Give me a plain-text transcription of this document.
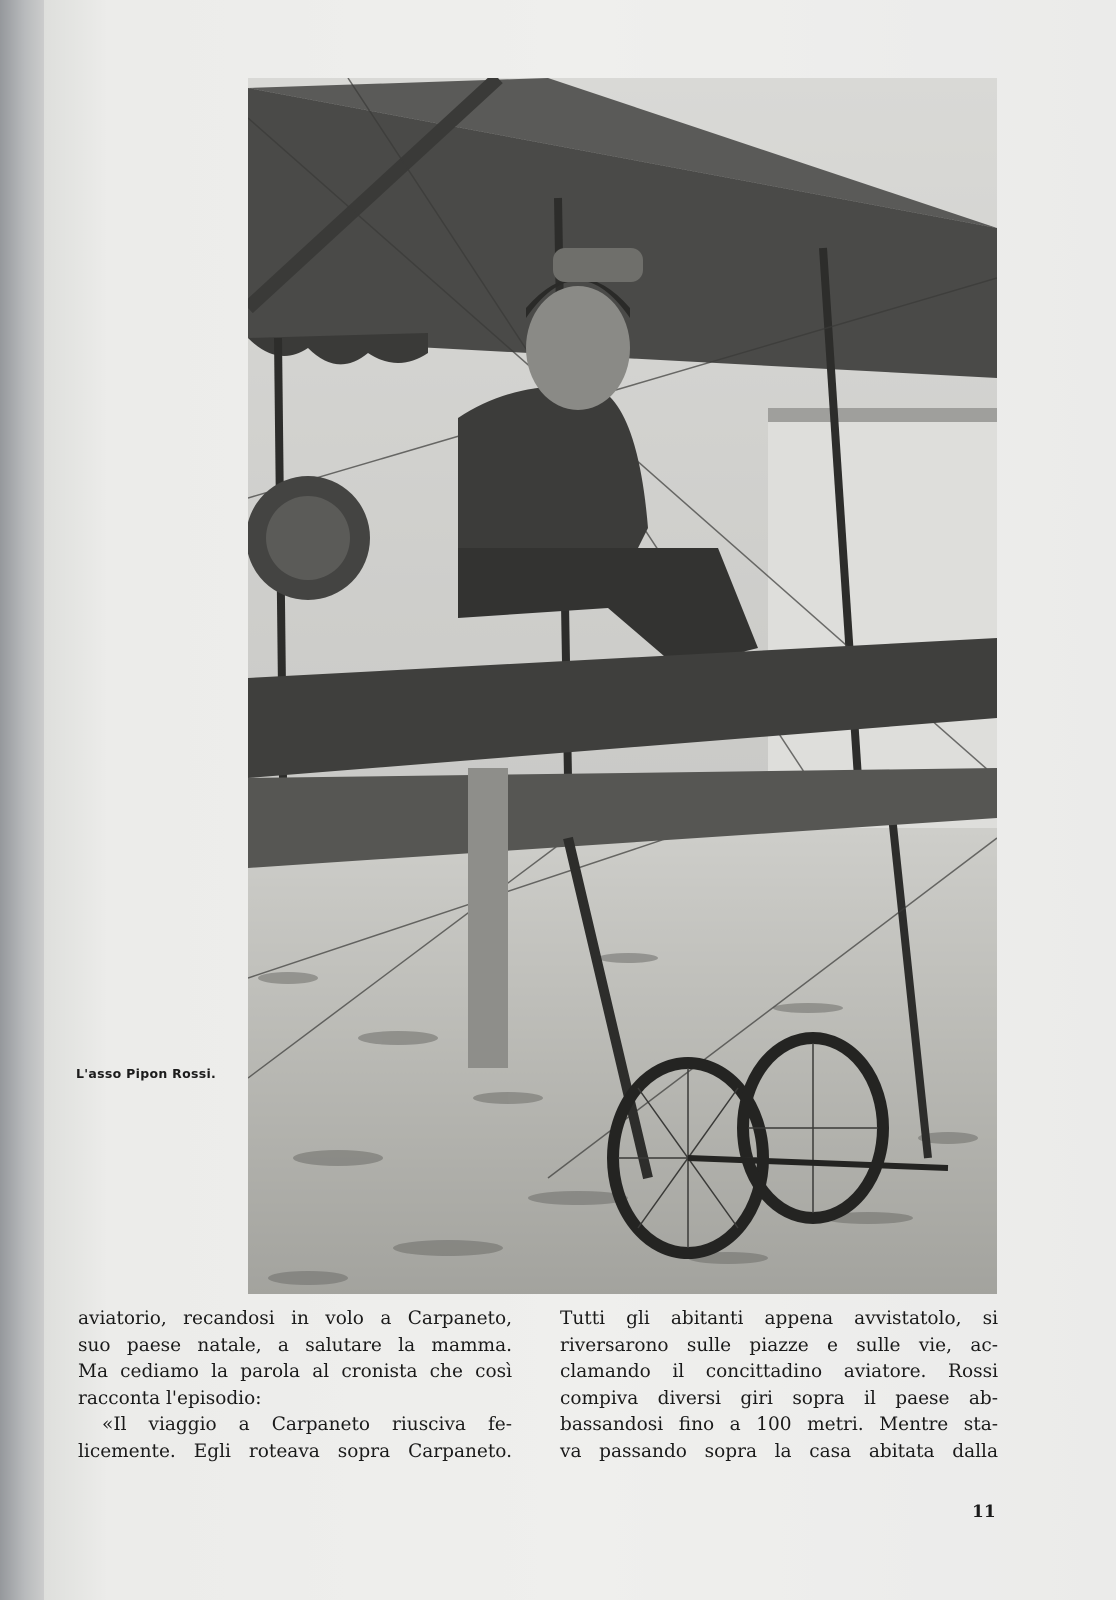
L'asso Pipon Rossi.
aviatorio, recandosi in volo a Carpaneto,
suo paese natale, a salutare la mamma.
Ma cediamo la parola al cronista che così
racconta l'episodio:
«Il viaggio a Carpaneto riusciva fe-
licemente. Egli roteava sopra Carpaneto.
Tutti gli abitanti appena avvistatolo, si
riversarono sulle piazze e sulle vie, ac-
clamando il concittadino aviatore. Rossi
compiva diversi giri sopra il paese ab-
bassandosi fino a 100 metri. Mentre sta-
va passando sopra la casa abitata dalla
11
